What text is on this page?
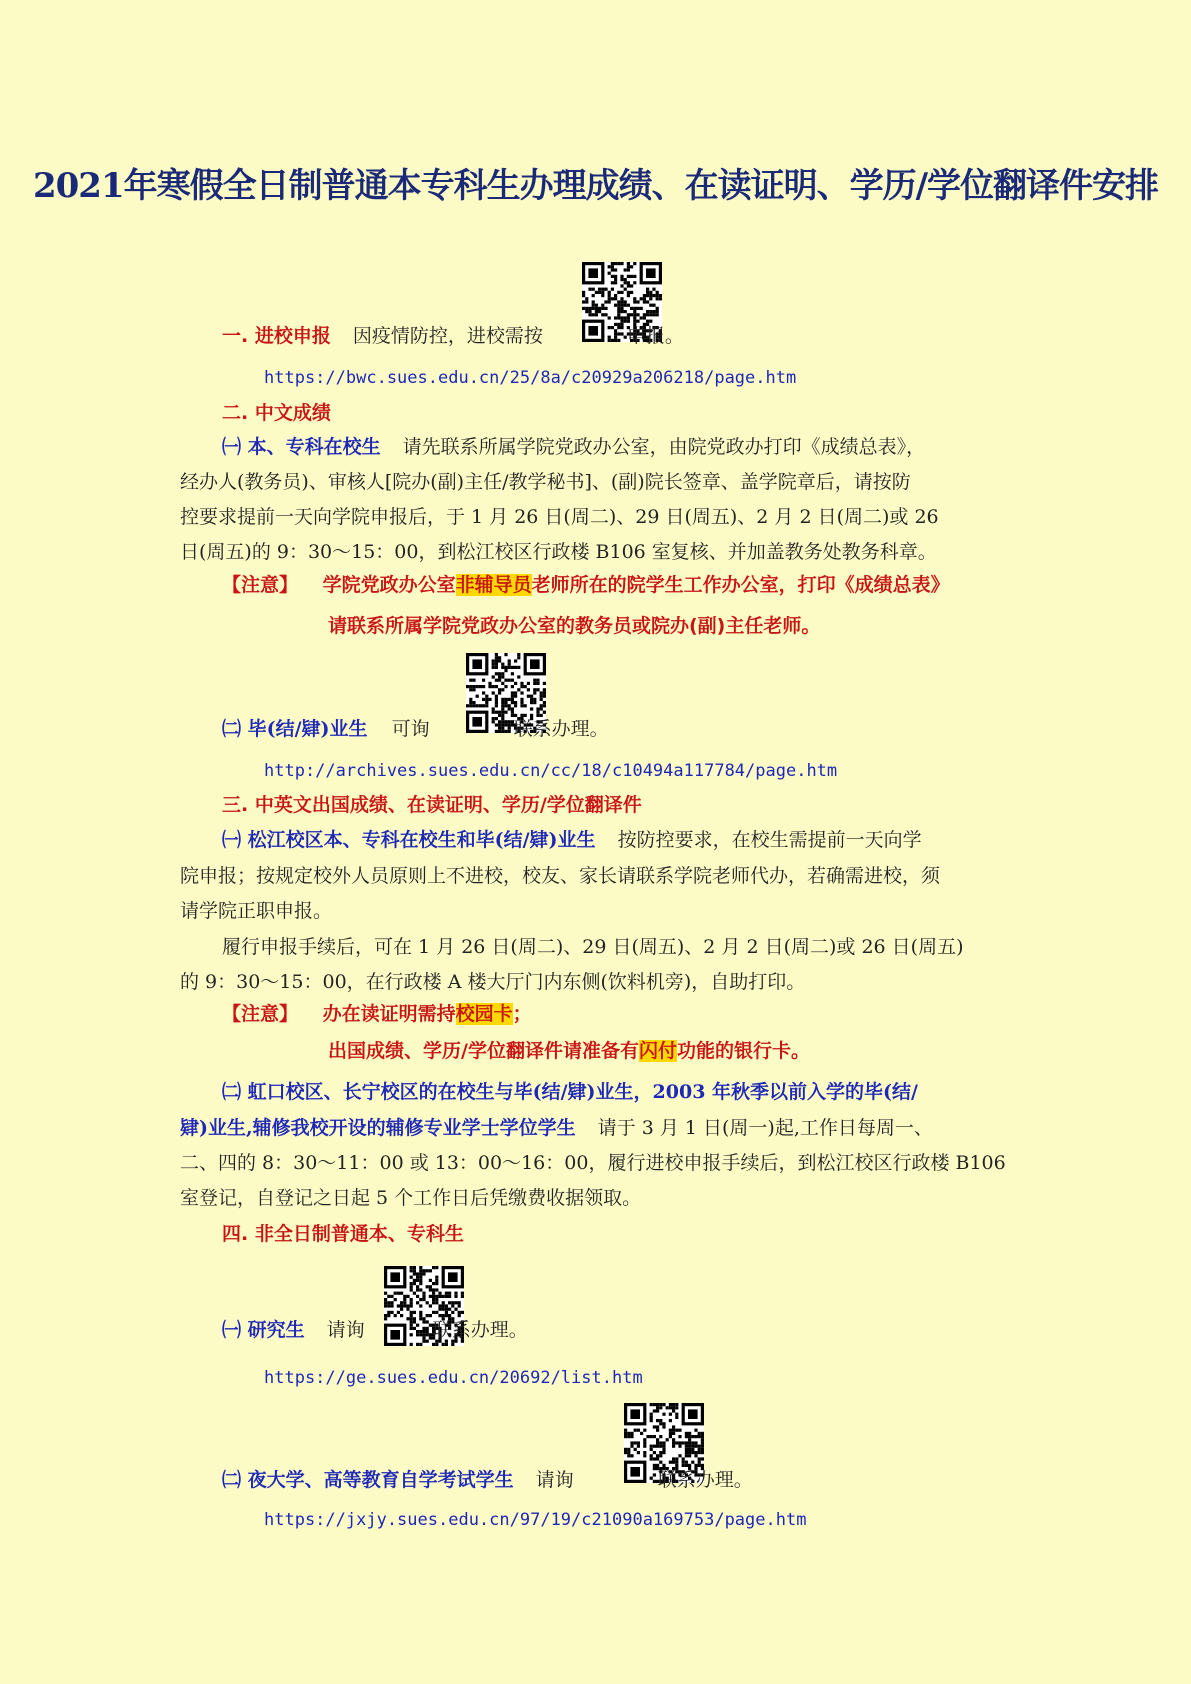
2021年寒假全日制普通本专科生办理成绩、在读证明、学历/学位翻译件安排
一. 进校申报 因疫情防控，进校需按	申报。
https://bwc.sues.edu.cn/25/8a/c20929a206218/page.htm
二. 中文成绩
㈠ 本、专科在校生 请先联系所属学院党政办公室，由院党政办打印《成绩总表》，
经办人(教务员)、审核人[院办(副)主任/教学秘书]、(副)院长签章、盖学院章后，请按防
控要求提前一天向学院申报后，于 1 月 26 日(周二)、29 日(周五)、2 月 2 日(周二)或 26
日(周五)的 9：30～15：00，到松江校区行政楼 B106 室复核、并加盖教务处教务科章。
【注意】 学院党政办公室非辅导员老师所在的院学生工作办公室，打印《成绩总表》
请联系所属学院党政办公室的教务员或院办(副)主任老师。
㈡ 毕(结/肄)业生 可询	联系办理。
http://archives.sues.edu.cn/cc/18/c10494a117784/page.htm
三. 中英文出国成绩、在读证明、学历/学位翻译件
㈠ 松江校区本、专科在校生和毕(结/肄)业生 按防控要求，在校生需提前一天向学
院申报；按规定校外人员原则上不进校，校友、家长请联系学院老师代办，若确需进校，须
请学院正职申报。
履行申报手续后，可在 1 月 26 日(周二)、29 日(周五)、2 月 2 日(周二)或 26 日(周五)
的 9：30～15：00，在行政楼 A 楼大厅门内东侧(饮料机旁)，自助打印。
【注意】 办在读证明需持校园卡；
出国成绩、学历/学位翻译件请准备有闪付功能的银行卡。
㈡ 虹口校区、长宁校区的在校生与毕(结/肄)业生，2003 年秋季以前入学的毕(结/
肄)业生,辅修我校开设的辅修专业学士学位学生 请于 3 月 1 日(周一)起,工作日每周一、
二、四的 8：30～11：00 或 13：00～16：00，履行进校申报手续后，到松江校区行政楼 B106
室登记，自登记之日起 5 个工作日后凭缴费收据领取。
四. 非全日制普通本、专科生
㈠ 研究生 请询	联系办理。
https://ge.sues.edu.cn/20692/list.htm
㈡ 夜大学、高等教育自学考试学生 请询	联系办理。
https://jxjy.sues.edu.cn/97/19/c21090a169753/page.htm
